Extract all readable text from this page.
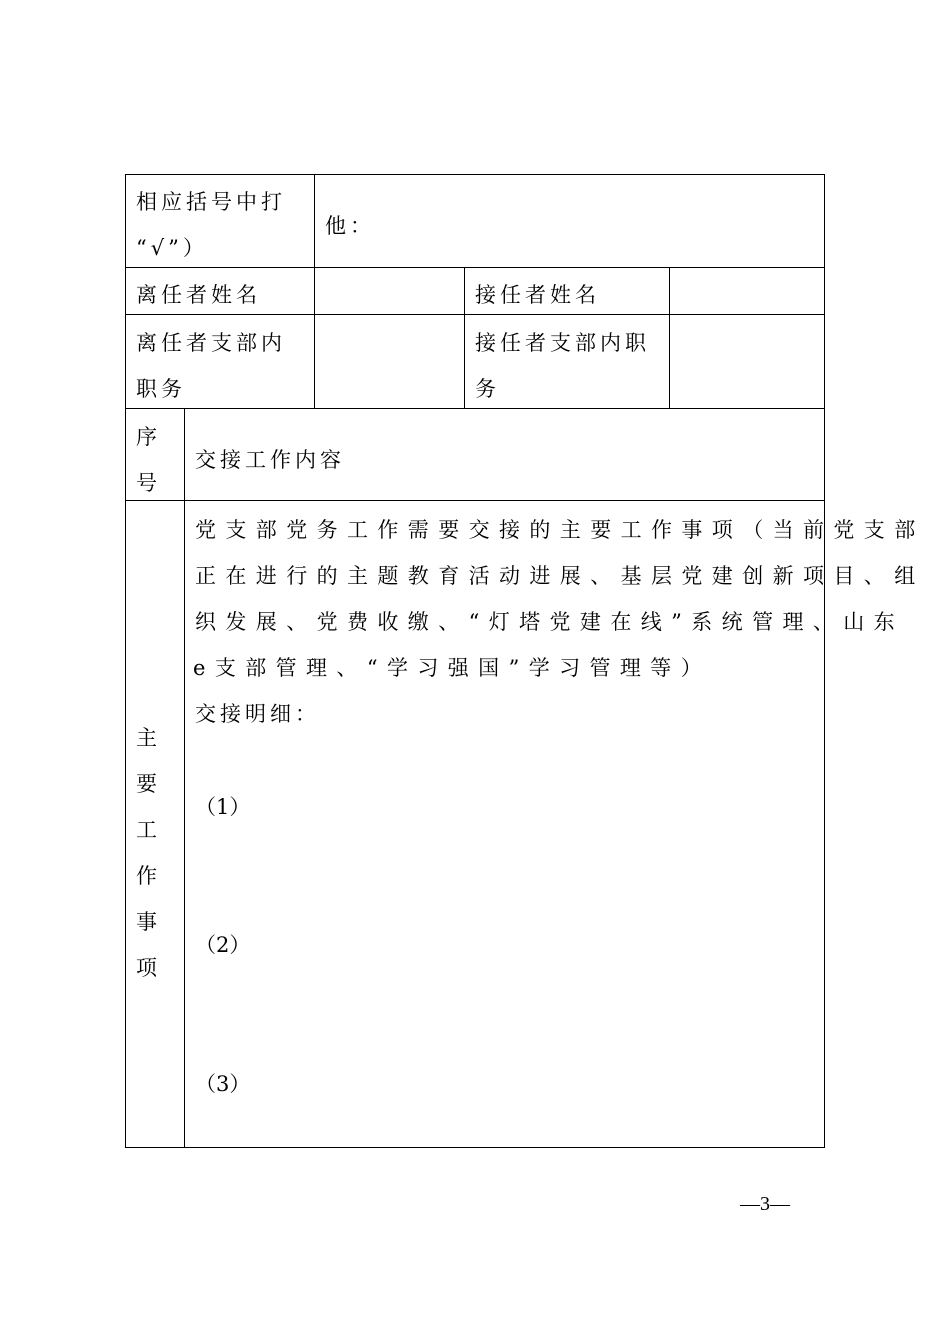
相应括号中打
“√”）
他：
离任者姓名	接任者姓名
离任者支部内
职务
接任者支部内职
务
序
号
交接工作内容
主
要
工
作
事
项
党支部党务工作需要交接的主要工作事项（当前党支部
正在进行的主题教育活动进展、基层党建创新项目、组
织发展、党费收缴、“灯塔党建在线”系统管理、山东
e支部管理、“学习强国”学习管理等）
交接明细：
（1）
（2）
（3）
—3—
